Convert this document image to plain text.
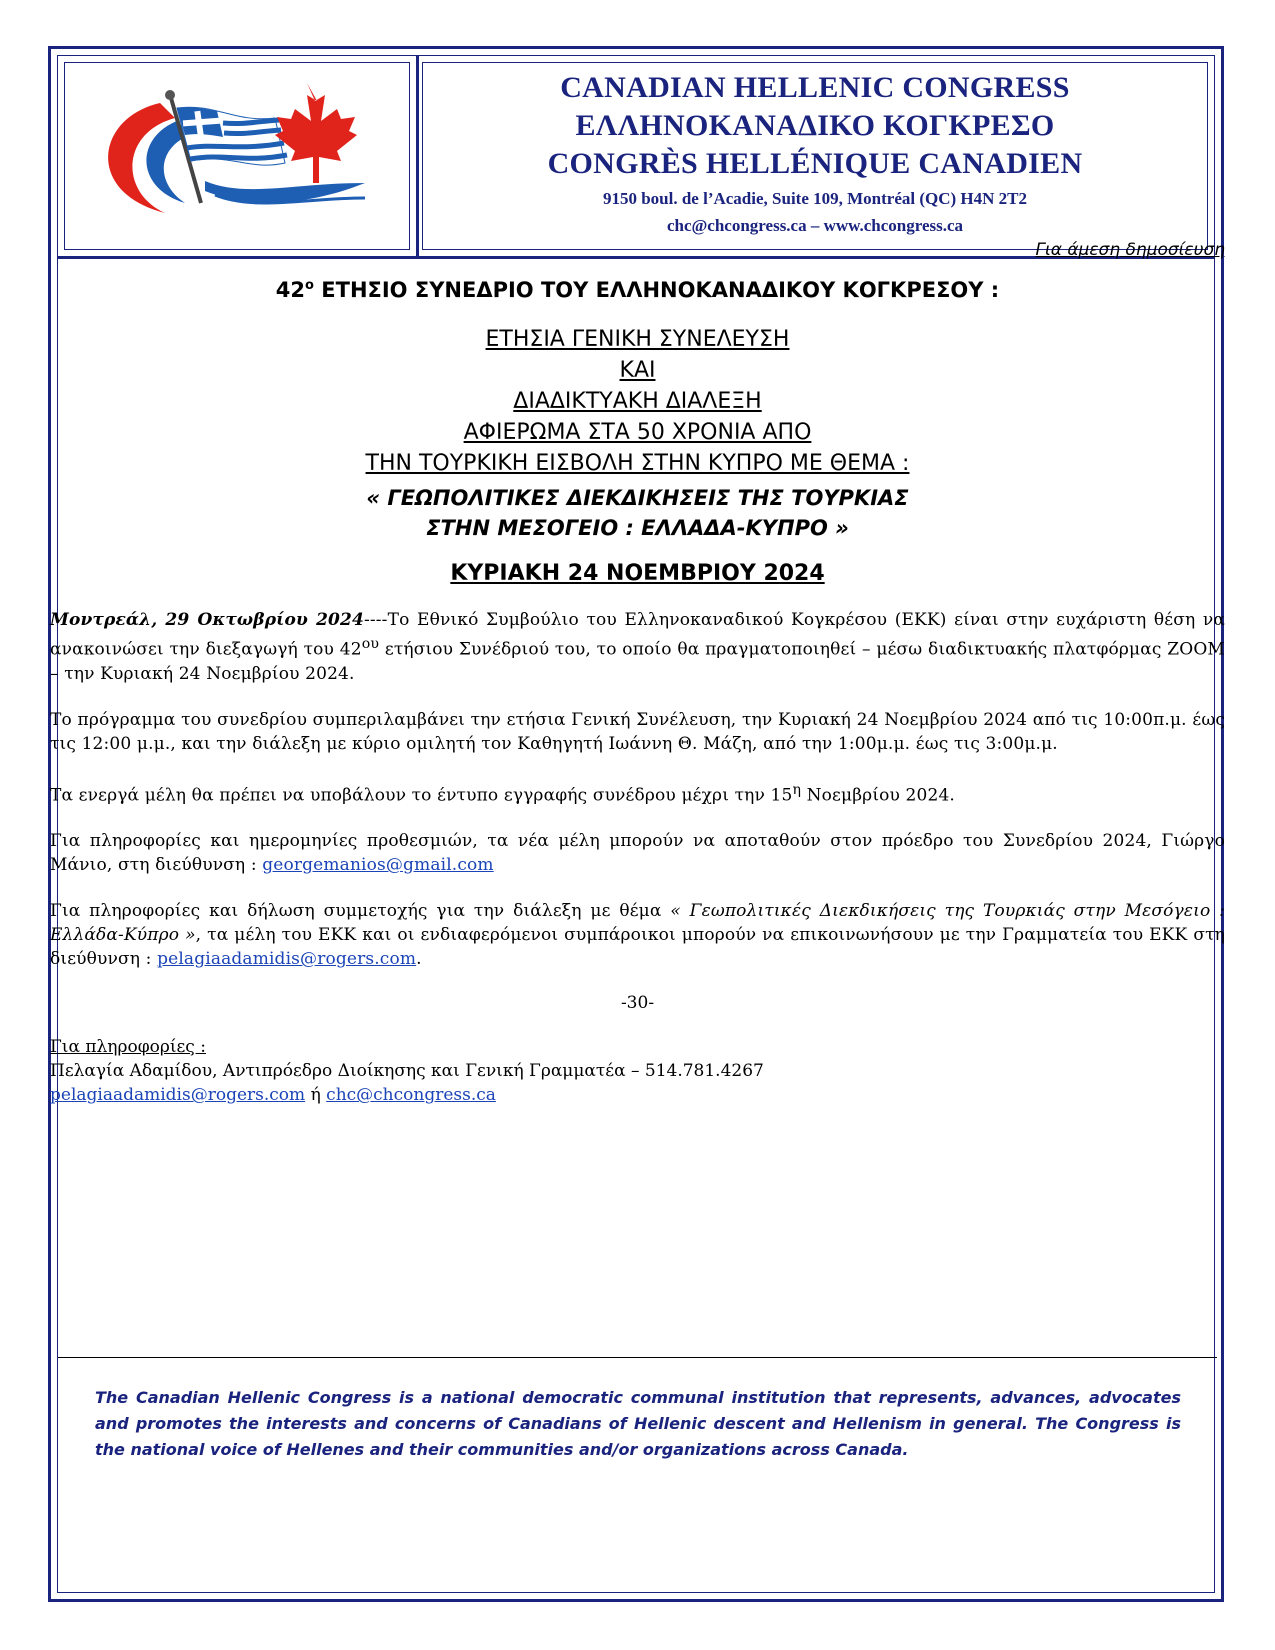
CANADIAN HELLENIC CONGRESS
ΕΛΛΗΝΟΚΑΝΑΔΙΚΟ ΚΟΓΚΡΕΣΟ
CONGRÈS HELLÉNIQUE CANADIEN
9150 boul. de l’Acadie, Suite 109, Montréal (QC) H4N 2T2
chc@chcongress.ca – www.chcongress.ca
Για άμεση δημοσίευση
$42^o$ ΕΤΗΣΙΟ ΣΥΝΕΔΡΙΟ ΤΟΥ ΕΛΛΗΝΟΚΑΝΑΔΙΚΟΥ ΚΟΓΚΡΕΣΟΥ :
ΕΤΗΣΙΑ ΓΕΝΙΚΗ ΣΥΝΕΛΕΥΣΗ
ΚΑΙ
ΔΙΑΔΙΚΤΥΑΚΗ ΔΙΑΛΕΞΗ
ΑΦΙΕΡΩΜΑ ΣΤΑ 50 ΧΡΟΝΙΑ ΑΠΟ
ΤΗΝ ΤΟΥΡΚΙΚΗ ΕΙΣΒΟΛΗ ΣΤΗΝ ΚΥΠΡΟ ΜΕ ΘΕΜΑ :
« ΓΕΩΠΟΛΙΤΙΚΕΣ ΔΙΕΚΔΙΚΗΣΕΙΣ ΤΗΣ ΤΟΥΡΚΙΑΣ
ΣΤΗΝ ΜΕΣΟΓΕΙΟ : ΕΛΛΑΔΑ-ΚΥΠΡΟ »
ΚΥΡΙΑΚΗ 24 ΝΟΕΜΒΡΙΟΥ 2024
Μοντρεάλ, 29 Οκτωβρίου 2024----Το Εθνικό Συμβούλιο του Ελληνοκαναδικού Κογκρέσου (ΕΚΚ) είναι στην ευχάριστη θέση να ανακοινώσει την διεξαγωγή του $42^{o\upsilon}$ ετήσιου Συνέδριού του, το οποίο θα πραγματοποιηθεί – μέσω διαδικτυακής πλατφόρμας ZOOM – την Κυριακή 24 Νοεμβρίου 2024.
Το πρόγραμμα του συνεδρίου συμπεριλαμβάνει την ετήσια Γενική Συνέλευση, την Κυριακή 24 Νοεμβρίου 2024 από τις 10:00π.μ. έως τις 12:00 μ.μ., και την διάλεξη με κύριο ομιλητή τον Καθηγητή Ιωάννη Θ. Μάζη, από την 1:00μ.μ. έως τις 3:00μ.μ.
Τα ενεργά μέλη θα πρέπει να υποβάλουν το έντυπο εγγραφής συνέδρου μέχρι την $15^\eta$ Νοεμβρίου 2024.
Για πληροφορίες και ημερομηνίες προθεσμιών, τα νέα μέλη μπορούν να αποταθούν στον πρόεδρο του Συνεδρίου 2024, Γιώργο Μάνιο, στη διεύθυνση : georgemanios@gmail.com
Για πληροφορίες και δήλωση συμμετοχής για την διάλεξη με θέμα « Γεωπολιτικές Διεκδικήσεις της Τουρκιάς στην Μεσόγειο : Ελλάδα-Κύπρο », τα μέλη του ΕΚΚ και οι ενδιαφερόμενοι συμπάροικοι μπορούν να επικοινωνήσουν με την Γραμματεία του ΕΚΚ στη διεύθυνση : pelagiaadamidis@rogers.com.
-30-
Για πληροφορίες :
Πελαγία Αδαμίδου, Αντιπρόεδρο Διοίκησης και Γενική Γραμματέα – 514.781.4267
pelagiaadamidis@rogers.com ή chc@chcongress.ca
The Canadian Hellenic Congress is a national democratic communal institution that represents, advances, advocates and promotes the interests and concerns of Canadians of Hellenic descent and Hellenism in general. The Congress is the national voice of Hellenes and their communities and/or organizations across Canada.
